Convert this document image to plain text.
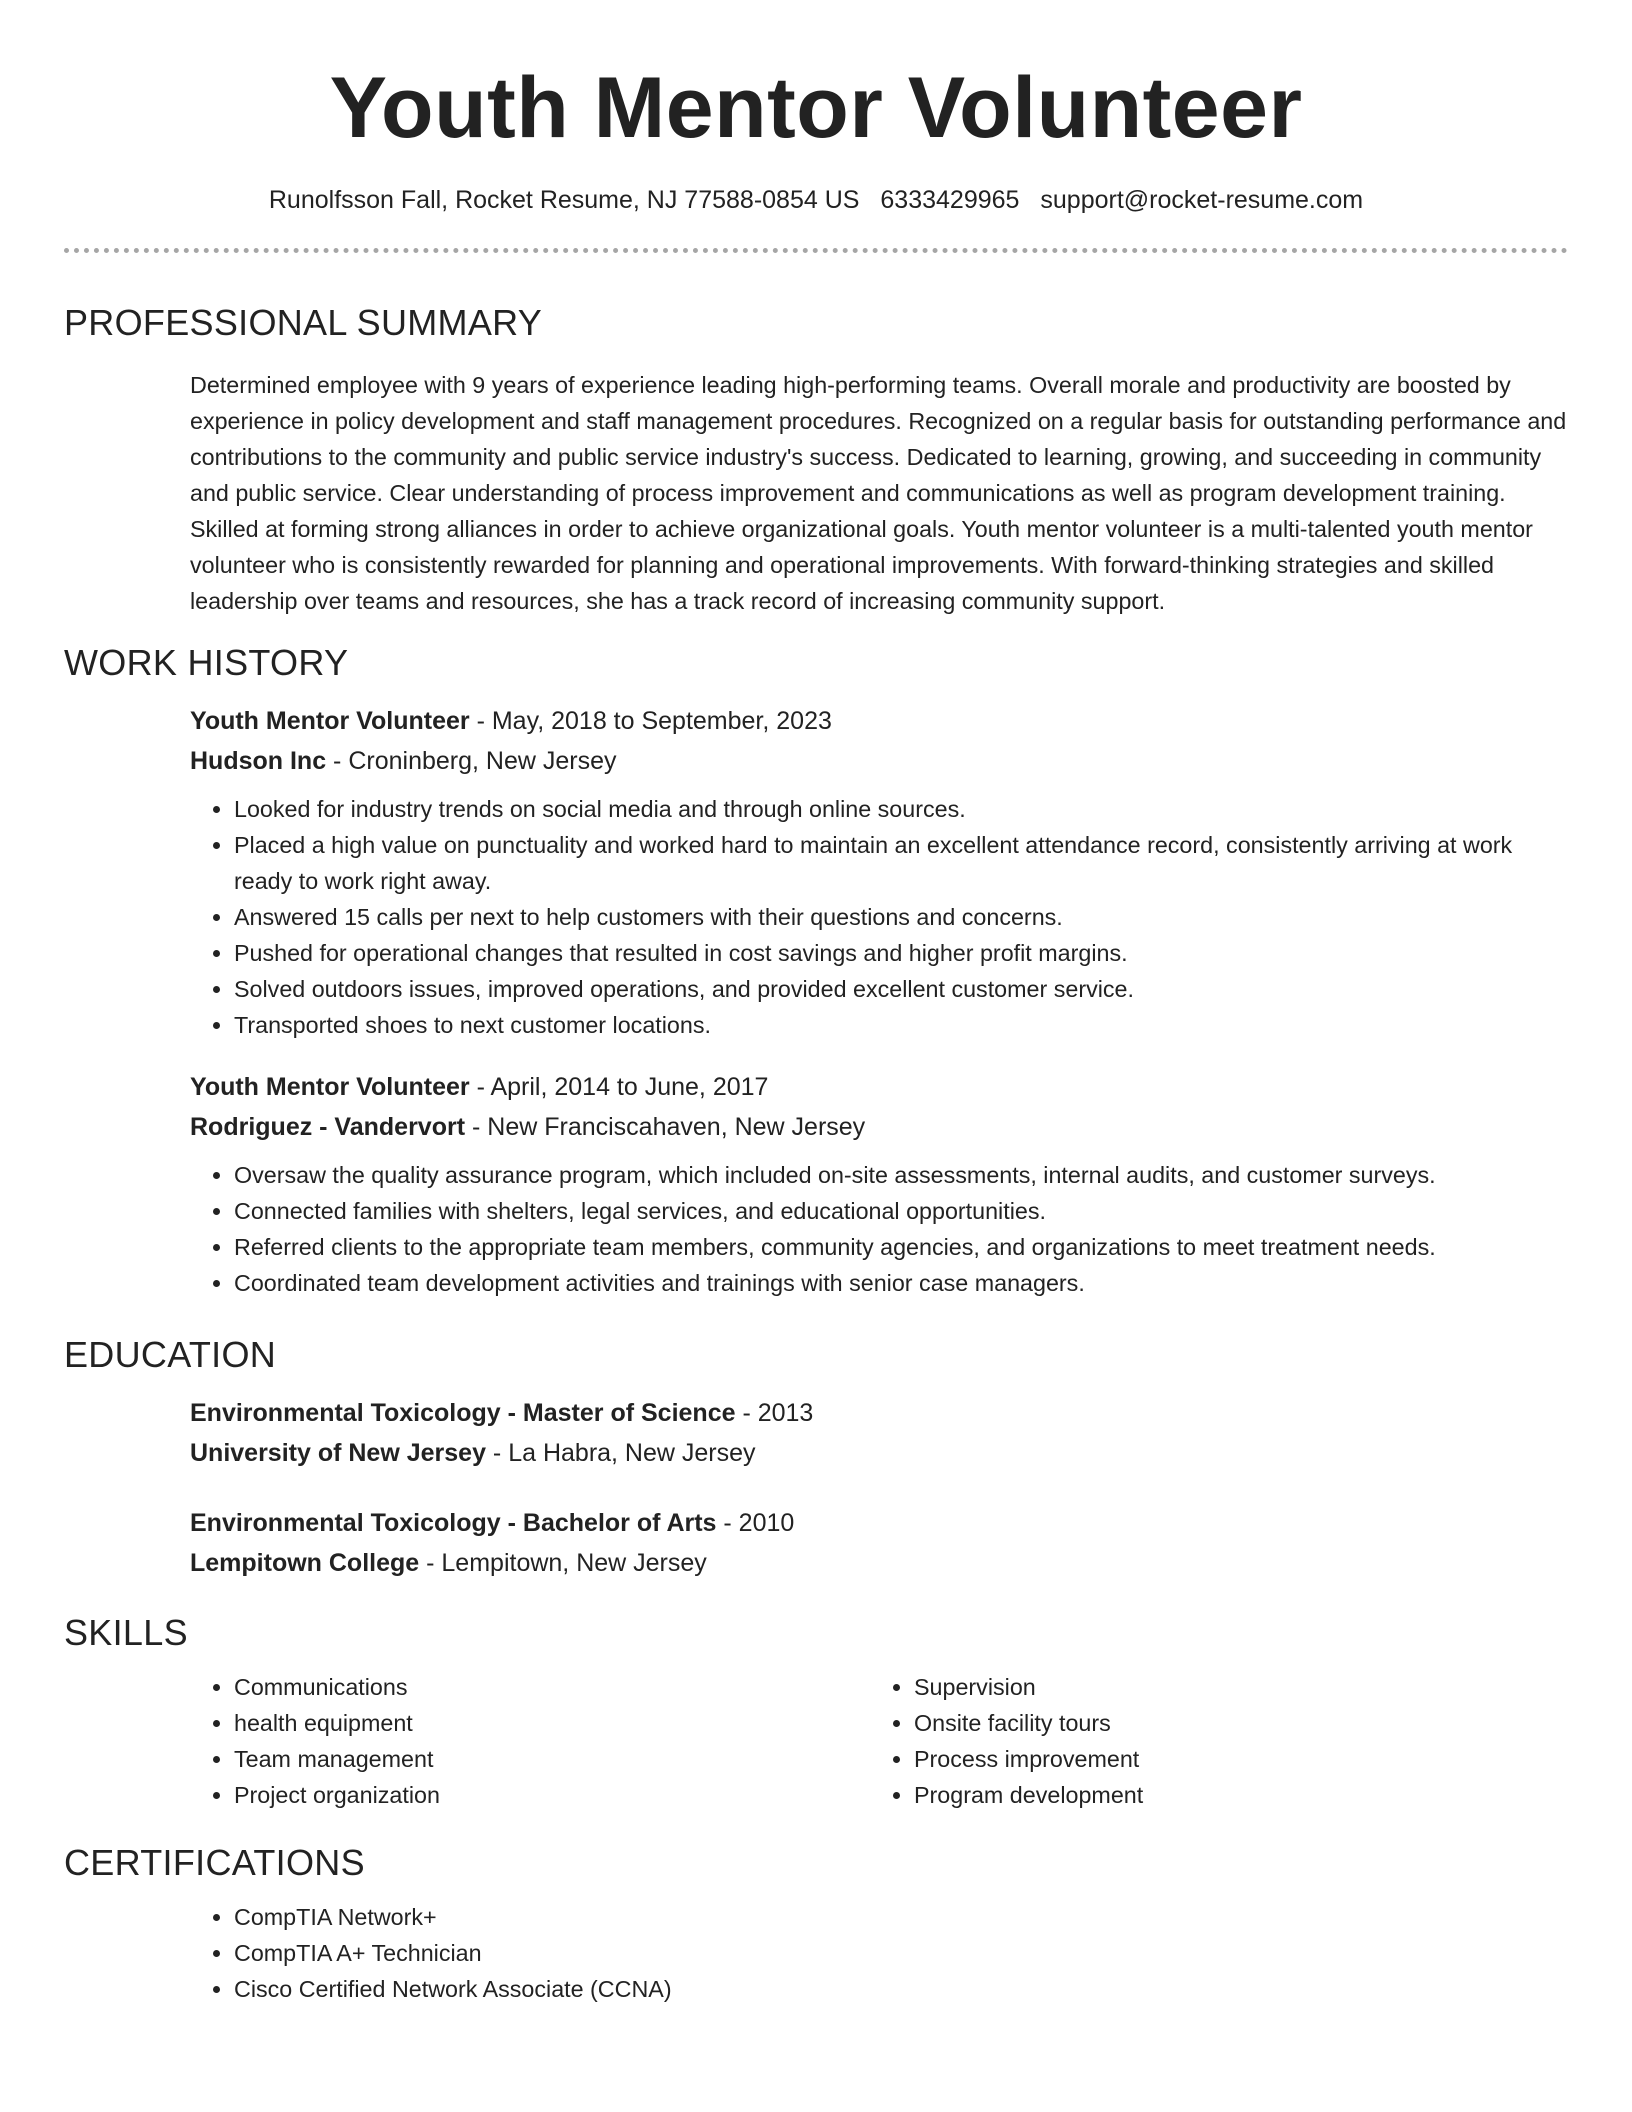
Youth Mentor Volunteer
Runolfsson Fall, Rocket Resume, NJ 77588-0854 US 6333429965 support@rocket-resume.com
PROFESSIONAL SUMMARY

Determined employee with 9 years of experience leading high-performing teams. Overall morale and productivity are boosted by experience in policy development and staff management procedures. Recognized on a regular basis for outstanding performance and contributions to the community and public service industry's success. Dedicated to learning, growing, and succeeding in community and public service. Clear understanding of process improvement and communications as well as program development training. Skilled at forming strong alliances in order to achieve organizational goals. Youth mentor volunteer is a multi-talented youth mentor volunteer who is consistently rewarded for planning and operational improvements. With forward-thinking strategies and skilled leadership over teams and resources, she has a track record of increasing community support.

WORK HISTORY
Youth Mentor Volunteer - May, 2018 to September, 2023
Hudson Inc - Croninberg, New Jersey
• Looked for industry trends on social media and through online sources.
• Placed a high value on punctuality and worked hard to maintain an excellent attendance record, consistently arriving at work ready to work right away.
• Answered 15 calls per next to help customers with their questions and concerns.
• Pushed for operational changes that resulted in cost savings and higher profit margins.
• Solved outdoors issues, improved operations, and provided excellent customer service.
• Transported shoes to next customer locations.
Youth Mentor Volunteer - April, 2014 to June, 2017
Rodriguez - Vandervort - New Franciscahaven, New Jersey
• Oversaw the quality assurance program, which included on-site assessments, internal audits, and customer surveys.
• Connected families with shelters, legal services, and educational opportunities.
• Referred clients to the appropriate team members, community agencies, and organizations to meet treatment needs.
• Coordinated team development activities and trainings with senior case managers.
EDUCATION
Environmental Toxicology - Master of Science - 2013
University of New Jersey - La Habra, New Jersey
Environmental Toxicology - Bachelor of Arts - 2010
Lempitown College - Lempitown, New Jersey
SKILLS
• Communications
• health equipment
• Team management
• Project organization
• Supervision
• Onsite facility tours
• Process improvement
• Program development
CERTIFICATIONS
• CompTIA Network+
• CompTIA A+ Technician
• Cisco Certified Network Associate (CCNA)
